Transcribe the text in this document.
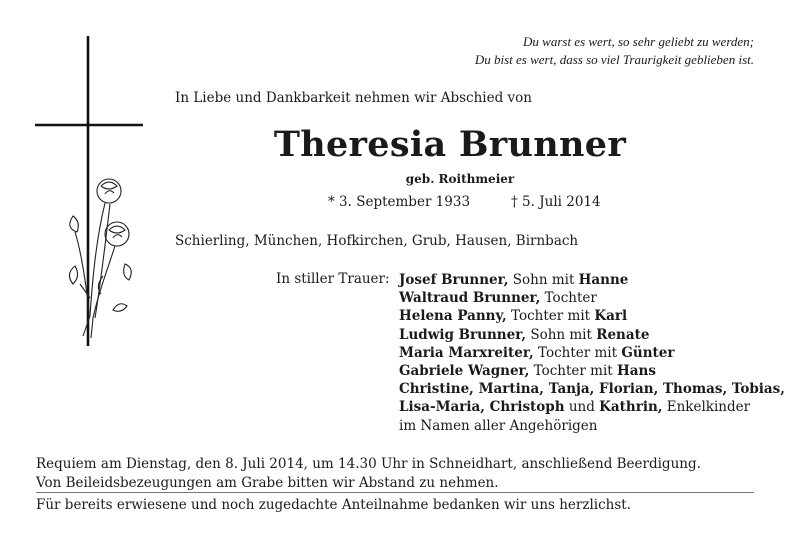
Du warst es wert, so sehr geliebt zu werden;
Du bist es wert, dass so viel Traurigkeit geblieben ist.
In Liebe und Dankbarkeit nehmen wir Abschied von
Theresia Brunner
geb. Roithmeier
* 3. September 1933	† 5. Juli 2014
Schierling, München, Hofkirchen, Grub, Hausen, Birnbach
In stiller Trauer: Josef Brunner, Sohn mit Hanne
Waltraud Brunner, Tochter
Helena Panny, Tochter mit Karl
Ludwig Brunner, Sohn mit Renate
Maria Marxreiter, Tochter mit Günter
Gabriele Wagner, Tochter mit Hans
Christine, Martina, Tanja, Florian, Thomas, Tobias,
Lisa-Maria, Christoph und Kathrin, Enkelkinder
im Namen aller Angehörigen
Requiem am Dienstag, den 8. Juli 2014, um 14.30 Uhr in Schneidhart, anschließend Beerdigung.
Von Beileidsbezeugungen am Grabe bitten wir Abstand zu nehmen.
Für bereits erwiesene und noch zugedachte Anteilnahme bedanken wir uns herzlichst.
